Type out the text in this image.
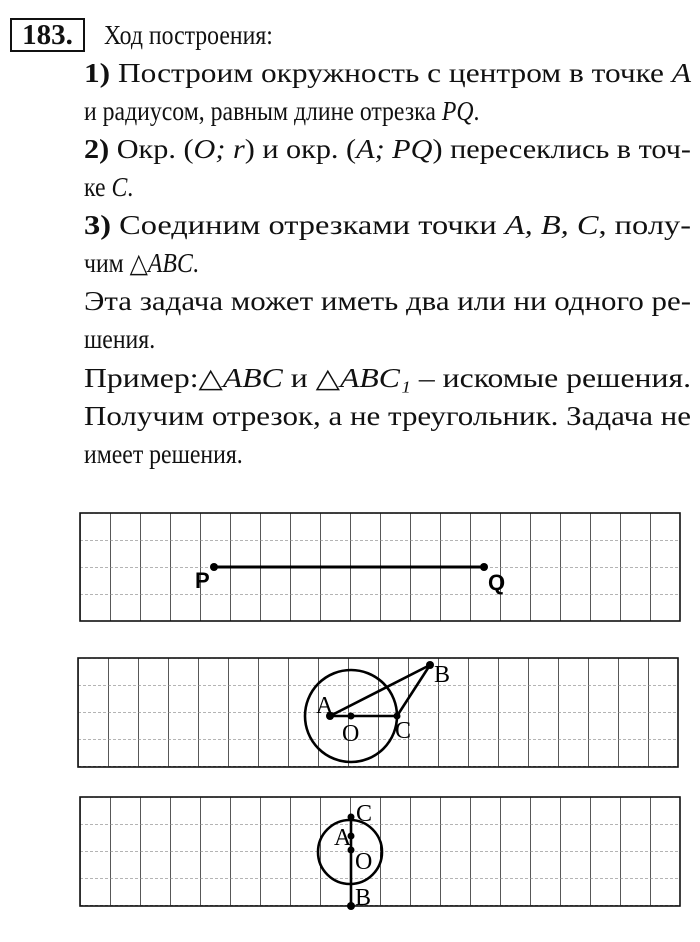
183.	Ход построения:
1) Построим окружность с центром в точке A
и радиусом, равным длине отрезка PQ.
2) Окр. (O; r) и окр. (A; PQ) пересеклись в точ-
ке C.
3) Соединим отрезками точки A, B, C, полу-
чим △ABC.
Эта задача может иметь два или ни одного ре-
шения.
Пример:△ABC и △ABC₁ – искомые решения.
Получим отрезок, а не треугольник. Задача не
имеет решения.
P	Q
A
O C
B
C
A
O
B
